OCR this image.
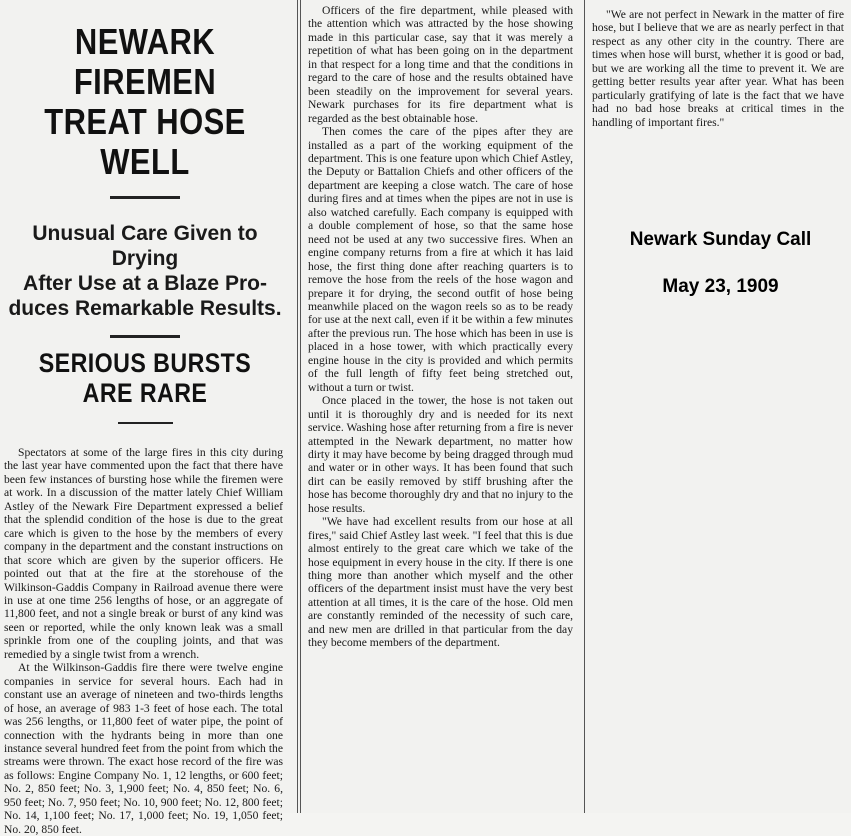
NEWARK FIREMEN
TREAT HOSE WELL
Unusual Care Given to Drying
After Use at a Blaze Pro-
duces Remarkable Results.
SERIOUS BURSTS ARE RARE

Spectators at some of the large fires in this city during the last year have commented upon the fact that there have been few instances of bursting hose while the firemen were at work. In a discussion of the matter lately Chief William Astley of the Newark Fire Department expressed a belief that the splendid condition of the hose is due to the great care which is given to the hose by the members of every company in the department and the constant instructions on that score which are given by the superior officers. He pointed out that at the fire at the storehouse of the Wilkinson-Gaddis Company in Railroad avenue there were in use at one time 256 lengths of hose, or an aggregate of 11,800 feet, and not a single break or burst of any kind was seen or reported, while the only known leak was a small sprinkle from one of the coupling joints, and that was remedied by a single twist from a wrench.

At the Wilkinson-Gaddis fire there were twelve engine companies in service for several hours. Each had in constant use an average of nineteen and two-thirds lengths of hose, an average of 983 1-3 feet of hose each. The total was 256 lengths, or 11,800 feet of water pipe, the point of connection with the hydrants being in more than one instance several hundred feet from the point from which the streams were thrown. The exact hose record of the fire was as follows: Engine Company No. 1, 12 lengths, or 600 feet; No. 2, 850 feet; No. 3, 1,900 feet; No. 4, 850 feet; No. 6, 950 feet; No. 7, 950 feet; No. 10, 900 feet; No. 12, 800 feet; No. 14, 1,100 feet; No. 17, 1,000 feet; No. 19, 1,050 feet; No. 20, 850 feet.

Officers of the fire department, while pleased with the attention which was attracted by the hose showing made in this particular case, say that it was merely a repetition of what has been going on in the department in that respect for a long time and that the conditions in regard to the care of hose and the results obtained have been steadily on the improvement for several years. Newark purchases for its fire department what is regarded as the best obtainable hose.

Then comes the care of the pipes after they are installed as a part of the working equipment of the department. This is one feature upon which Chief Astley, the Deputy or Battalion Chiefs and other officers of the department are keeping a close watch. The care of hose during fires and at times when the pipes are not in use is also watched carefully. Each company is equipped with a double complement of hose, so that the same hose need not be used at any two successive fires. When an engine company returns from a fire at which it has laid hose, the first thing done after reaching quarters is to remove the hose from the reels of the hose wagon and prepare it for drying, the second outfit of hose being meanwhile placed on the wagon reels so as to be ready for use at the next call, even if it be within a few minutes after the previous run. The hose which has been in use is placed in a hose tower, with which practically every engine house in the city is provided and which permits of the full length of fifty feet being stretched out, without a turn or twist.

Once placed in the tower, the hose is not taken out until it is thoroughly dry and is needed for its next service. Washing hose after returning from a fire is never attempted in the Newark department, no matter how dirty it may have become by being dragged through mud and water or in other ways. It has been found that such dirt can be easily removed by stiff brushing after the hose has become thoroughly dry and that no injury to the hose results.

"We have had excellent results from our hose at all fires," said Chief Astley last week. "I feel that this is due almost entirely to the great care which we take of the hose equipment in every house in the city. If there is one thing more than another which myself and the other officers of the department insist must have the very best attention at all times, it is the care of the hose. Old men are constantly reminded of the necessity of such care, and new men are drilled in that particular from the day they become members of the department.

"We are not perfect in Newark in the matter of fire hose, but I believe that we are as nearly perfect in that respect as any other city in the country. There are times when hose will burst, whether it is good or bad, but we are working all the time to prevent it. We are getting better results year after year. What has been particularly gratifying of late is the fact that we have had no bad hose breaks at critical times in the handling of important fires."

Newark Sunday Call
May 23, 1909
